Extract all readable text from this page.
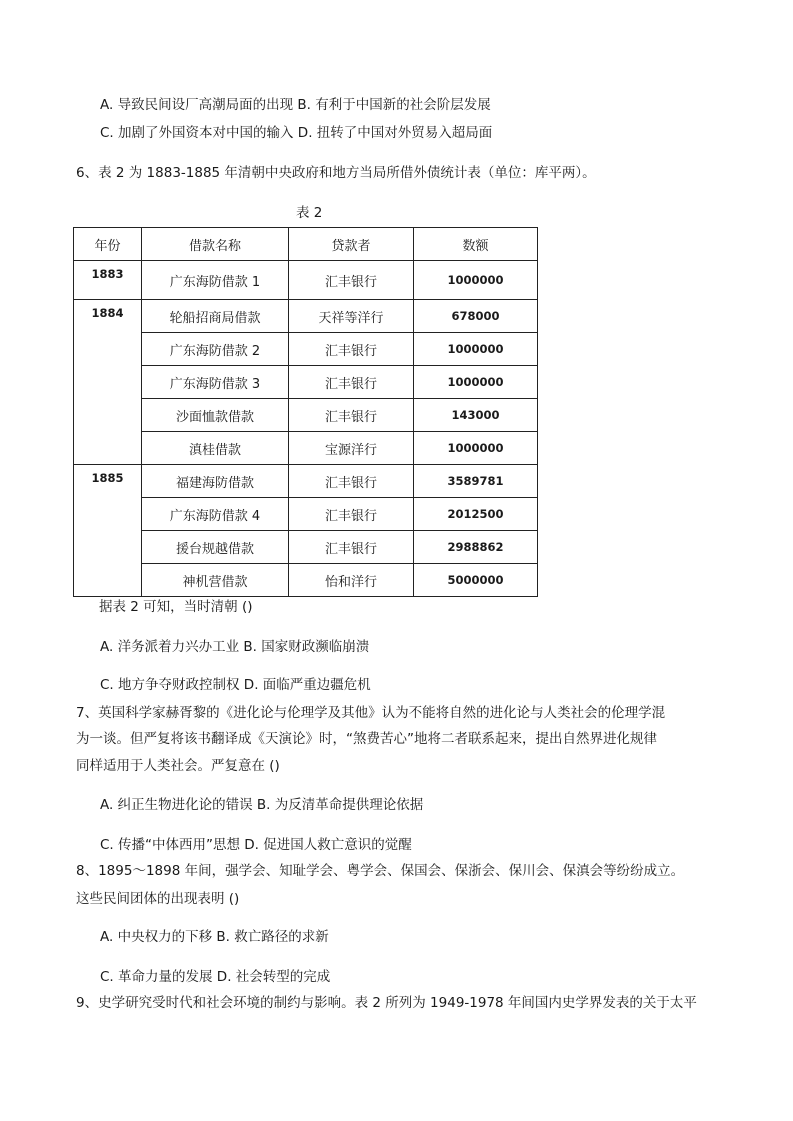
A. 导致民间设厂高潮局面的出现 B. 有利于中国新的社会阶层发展
C. 加剧了外国资本对中国的输入 D. 扭转了中国对外贸易入超局面
6、表 2 为 1883-1885 年清朝中央政府和地方当局所借外债统计表（单位：库平两）。
表 2
年份	借款名称	贷款者	数额
1883	广东海防借款 1	汇丰银行	1000000
1884	轮船招商局借款	天祥等洋行	678000
	广东海防借款 2	汇丰银行	1000000
	广东海防借款 3	汇丰银行	1000000
	沙面恤款借款	汇丰银行	143000
	滇桂借款	宝源洋行	1000000
1885	福建海防借款	汇丰银行	3589781
	广东海防借款 4	汇丰银行	2012500
	援台规越借款	汇丰银行	2988862
	神机营借款	怡和洋行	5000000
据表 2 可知，当时清朝 ()
A. 洋务派着力兴办工业 B. 国家财政濒临崩溃
C. 地方争夺财政控制权 D. 面临严重边疆危机
7、英国科学家赫胥黎的《进化论与伦理学及其他》认为不能将自然的进化论与人类社会的伦理学混
为一谈。但严复将该书翻译成《天演论》时，“煞费苦心”地将二者联系起来，提出自然界进化规律
同样适用于人类社会。严复意在 ()
A. 纠正生物进化论的错误 B. 为反清革命提供理论依据
C. 传播“中体西用”思想 D. 促进国人救亡意识的觉醒
8、1895～1898 年间，强学会、知耻学会、粤学会、保国会、保浙会、保川会、保滇会等纷纷成立。
这些民间团体的出现表明 ()
A. 中央权力的下移 B. 救亡路径的求新
C. 革命力量的发展 D. 社会转型的完成
9、史学研究受时代和社会环境的制约与影响。表 2 所列为 1949-1978 年间国内史学界发表的关于太平
